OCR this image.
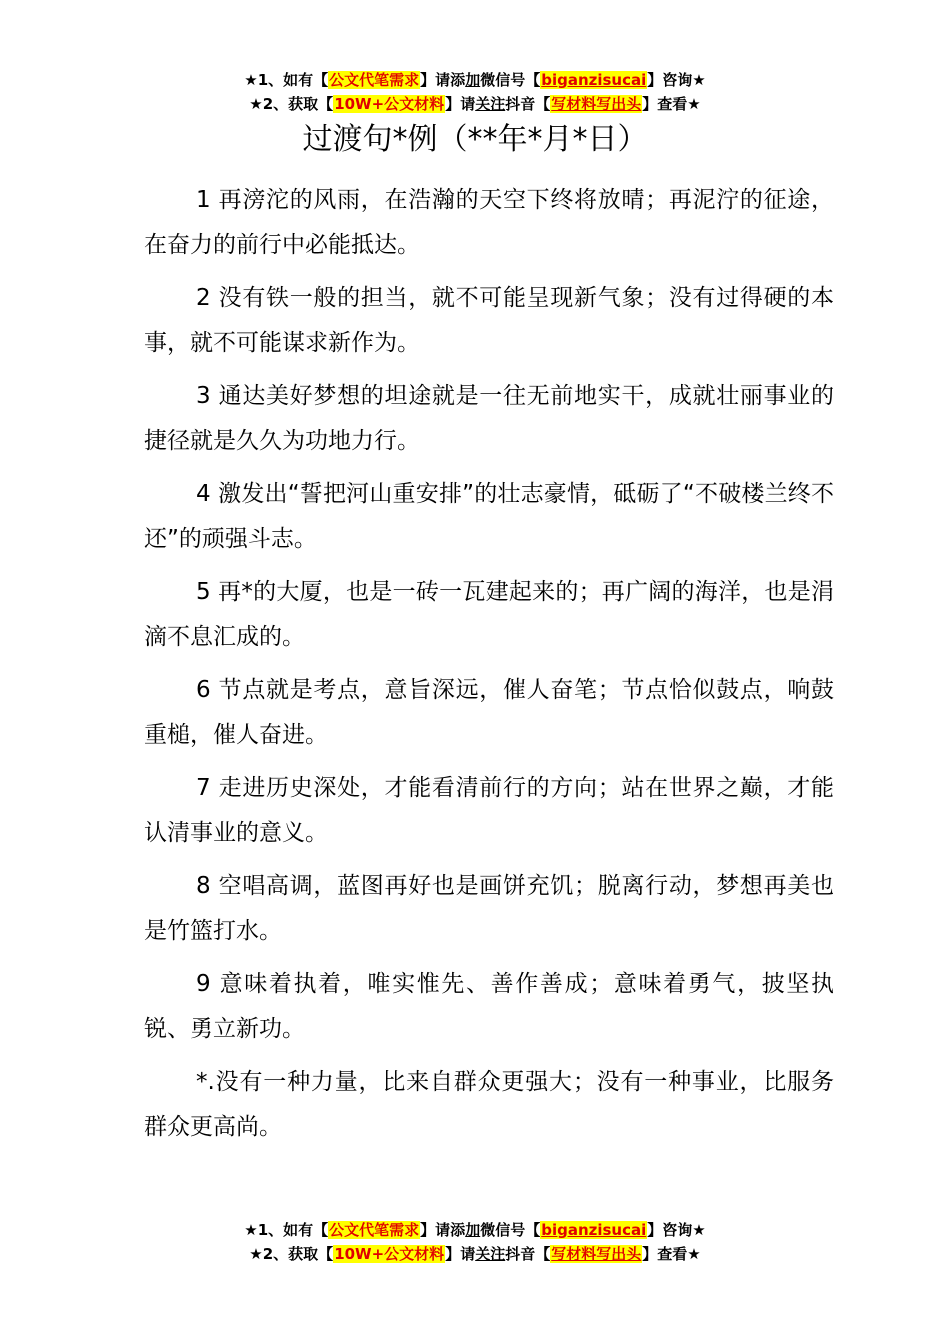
★1、如有【公文代笔需求】请添加微信号【biganzisucai】咨询★
★2、获取【10W+公文材料】请关注抖音【写材料写出头】查看★
过渡句*例（**年*月*日）

1 再滂沱的风雨，在浩瀚的天空下终将放晴；再泥泞的征途，在奋力的前行中必能抵达。

2 没有铁一般的担当，就不可能呈现新气象；没有过得硬的本事，就不可能谋求新作为。

3 通达美好梦想的坦途就是一往无前地实干，成就壮丽事业的捷径就是久久为功地力行。

4 激发出“誓把河山重安排”的壮志豪情，砥砺了“不破楼兰终不还”的顽强斗志。

5 再*的大厦，也是一砖一瓦建起来的；再广阔的海洋，也是涓滴不息汇成的。

6 节点就是考点，意旨深远，催人奋笔；节点恰似鼓点，响鼓重槌，催人奋进。

7 走进历史深处，才能看清前行的方向；站在世界之巅，才能认清事业的意义。

8 空唱高调，蓝图再好也是画饼充饥；脱离行动，梦想再美也是竹篮打水。

9 意味着执着，唯实惟先、善作善成；意味着勇气，披坚执锐、勇立新功。

*.没有一种力量，比来自群众更强大；没有一种事业，比服务群众更高尚。

★1、如有【公文代笔需求】请添加微信号【biganzisucai】咨询★
★2、获取【10W+公文材料】请关注抖音【写材料写出头】查看★
